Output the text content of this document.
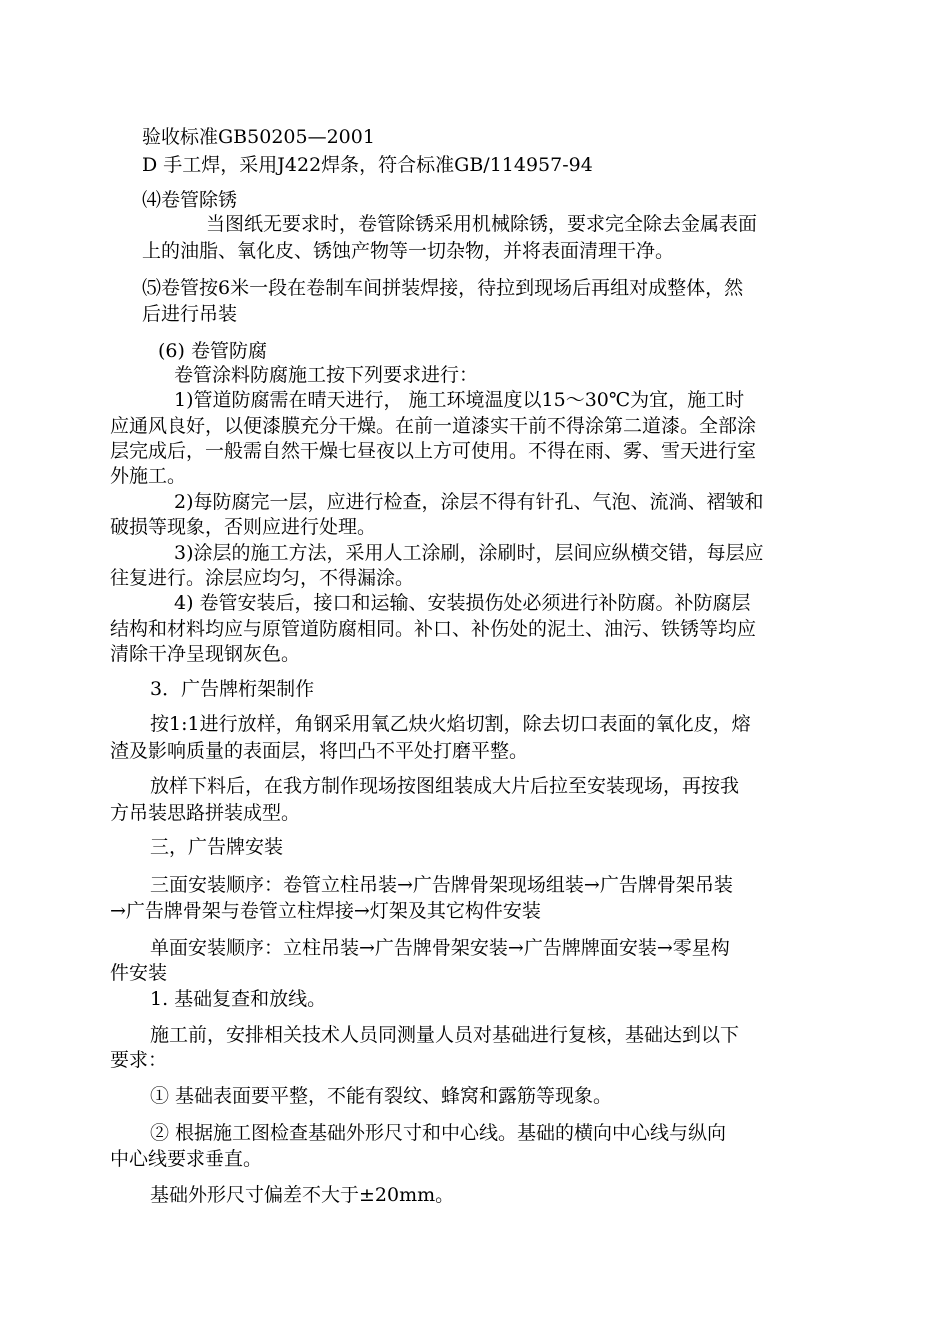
验收标准GB50205—2001
D 手工焊，采用J422焊条，符合标准GB/114957-94
⑷卷管除锈
当图纸无要求时，卷管除锈采用机械除锈，要求完全除去金属表面
上的油脂、氧化皮、锈蚀产物等一切杂物，并将表面清理干净。
⑸卷管按6米一段在卷制车间拼装焊接，待拉到现场后再组对成整体，然
后进行吊装
(6) 卷管防腐
卷管涂料防腐施工按下列要求进行：
1)管道防腐需在晴天进行， 施工环境温度以15～30℃为宜，施工时
应通风良好，以便漆膜充分干燥。在前一道漆实干前不得涂第二道漆。全部涂
层完成后，一般需自然干燥七昼夜以上方可使用。不得在雨、雾、雪天进行室
外施工。
2)每防腐完一层，应进行检查，涂层不得有针孔、气泡、流淌、褶皱和
破损等现象，否则应进行处理。
3)涂层的施工方法，采用人工涂刷，涂刷时，层间应纵横交错，每层应
往复进行。涂层应均匀，不得漏涂。
4) 卷管安装后，接口和运输、安装损伤处必须进行补防腐。补防腐层
结构和材料均应与原管道防腐相同。补口、补伤处的泥土、油污、铁锈等均应
清除干净呈现钢灰色。
3．广告牌桁架制作
按1:1进行放样，角钢采用氧乙炔火焰切割，除去切口表面的氧化皮，熔
渣及影响质量的表面层，将凹凸不平处打磨平整。
放样下料后，在我方制作现场按图组装成大片后拉至安装现场，再按我
方吊装思路拼装成型。
三，广告牌安装
三面安装顺序：卷管立柱吊装→广告牌骨架现场组装→广告牌骨架吊装
→广告牌骨架与卷管立柱焊接→灯架及其它构件安装
单面安装顺序：立柱吊装→广告牌骨架安装→广告牌牌面安装→零星构
件安装
1. 基础复查和放线。
施工前，安排相关技术人员同测量人员对基础进行复核，基础达到以下
要求：
① 基础表面要平整，不能有裂纹、蜂窝和露筋等现象。
② 根据施工图检查基础外形尺寸和中心线。基础的横向中心线与纵向
中心线要求垂直。
基础外形尺寸偏差不大于±20mm。
